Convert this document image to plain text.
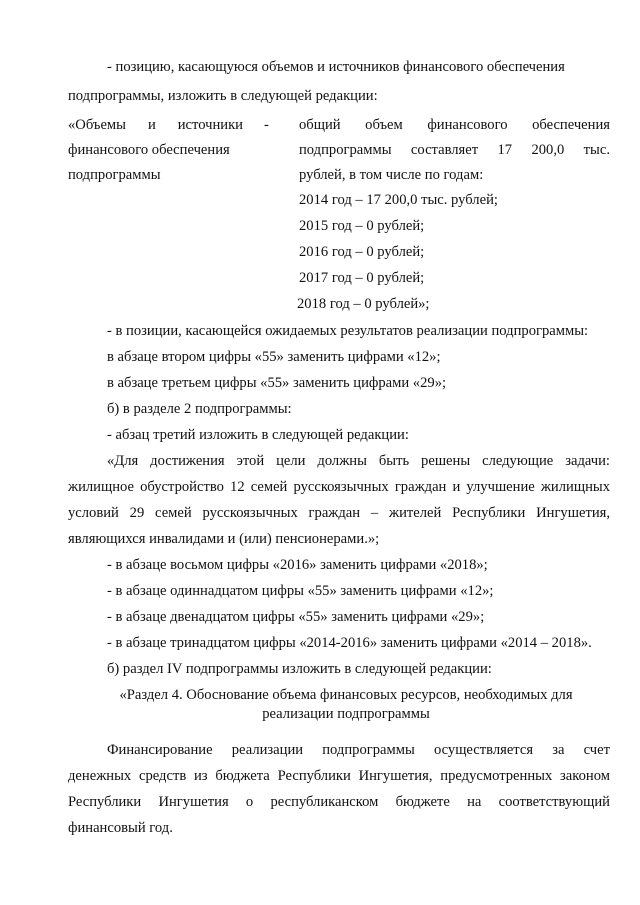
- позицию, касающуюся объемов и источников финансового обеспечения
подпрограммы, изложить в следующей редакции:
«Объемы и источники
финансового обеспечения
подпрограммы
- общий объем финансового обеспечения
подпрограммы составляет 17 200,0 тыс.
рублей, в том числе по годам:
2014 год – 17 200,0 тыс. рублей;
2015 год – 0 рублей;
2016 год – 0 рублей;
2017 год – 0 рублей;
2018 год – 0 рублей»;
- в позиции, касающейся ожидаемых результатов реализации подпрограммы:
в абзаце втором цифры «55» заменить цифрами «12»;
в абзаце третьем цифры «55» заменить цифрами «29»;
б) в разделе 2 подпрограммы:
- абзац третий изложить в следующей редакции:
«Для достижения этой цели должны быть решены следующие задачи:
жилищное обустройство 12 семей русскоязычных граждан и улучшение жилищных
условий 29 семей русскоязычных граждан – жителей Республики Ингушетия,
являющихся инвалидами и (или) пенсионерами.»;
- в абзаце восьмом цифры «2016» заменить цифрами «2018»;
- в абзаце одиннадцатом цифры «55» заменить цифрами «12»;
- в абзаце двенадцатом цифры «55» заменить цифрами «29»;
- в абзаце тринадцатом цифры «2014-2016» заменить цифрами «2014 – 2018».
б) раздел IV подпрограммы изложить в следующей редакции:
«Раздел 4. Обоснование объема финансовых ресурсов, необходимых для
реализации подпрограммы
Финансирование реализации подпрограммы осуществляется за счет
денежных средств из бюджета Республики Ингушетия, предусмотренных законом
Республики Ингушетия о республиканском бюджете на соответствующий
финансовый год.
